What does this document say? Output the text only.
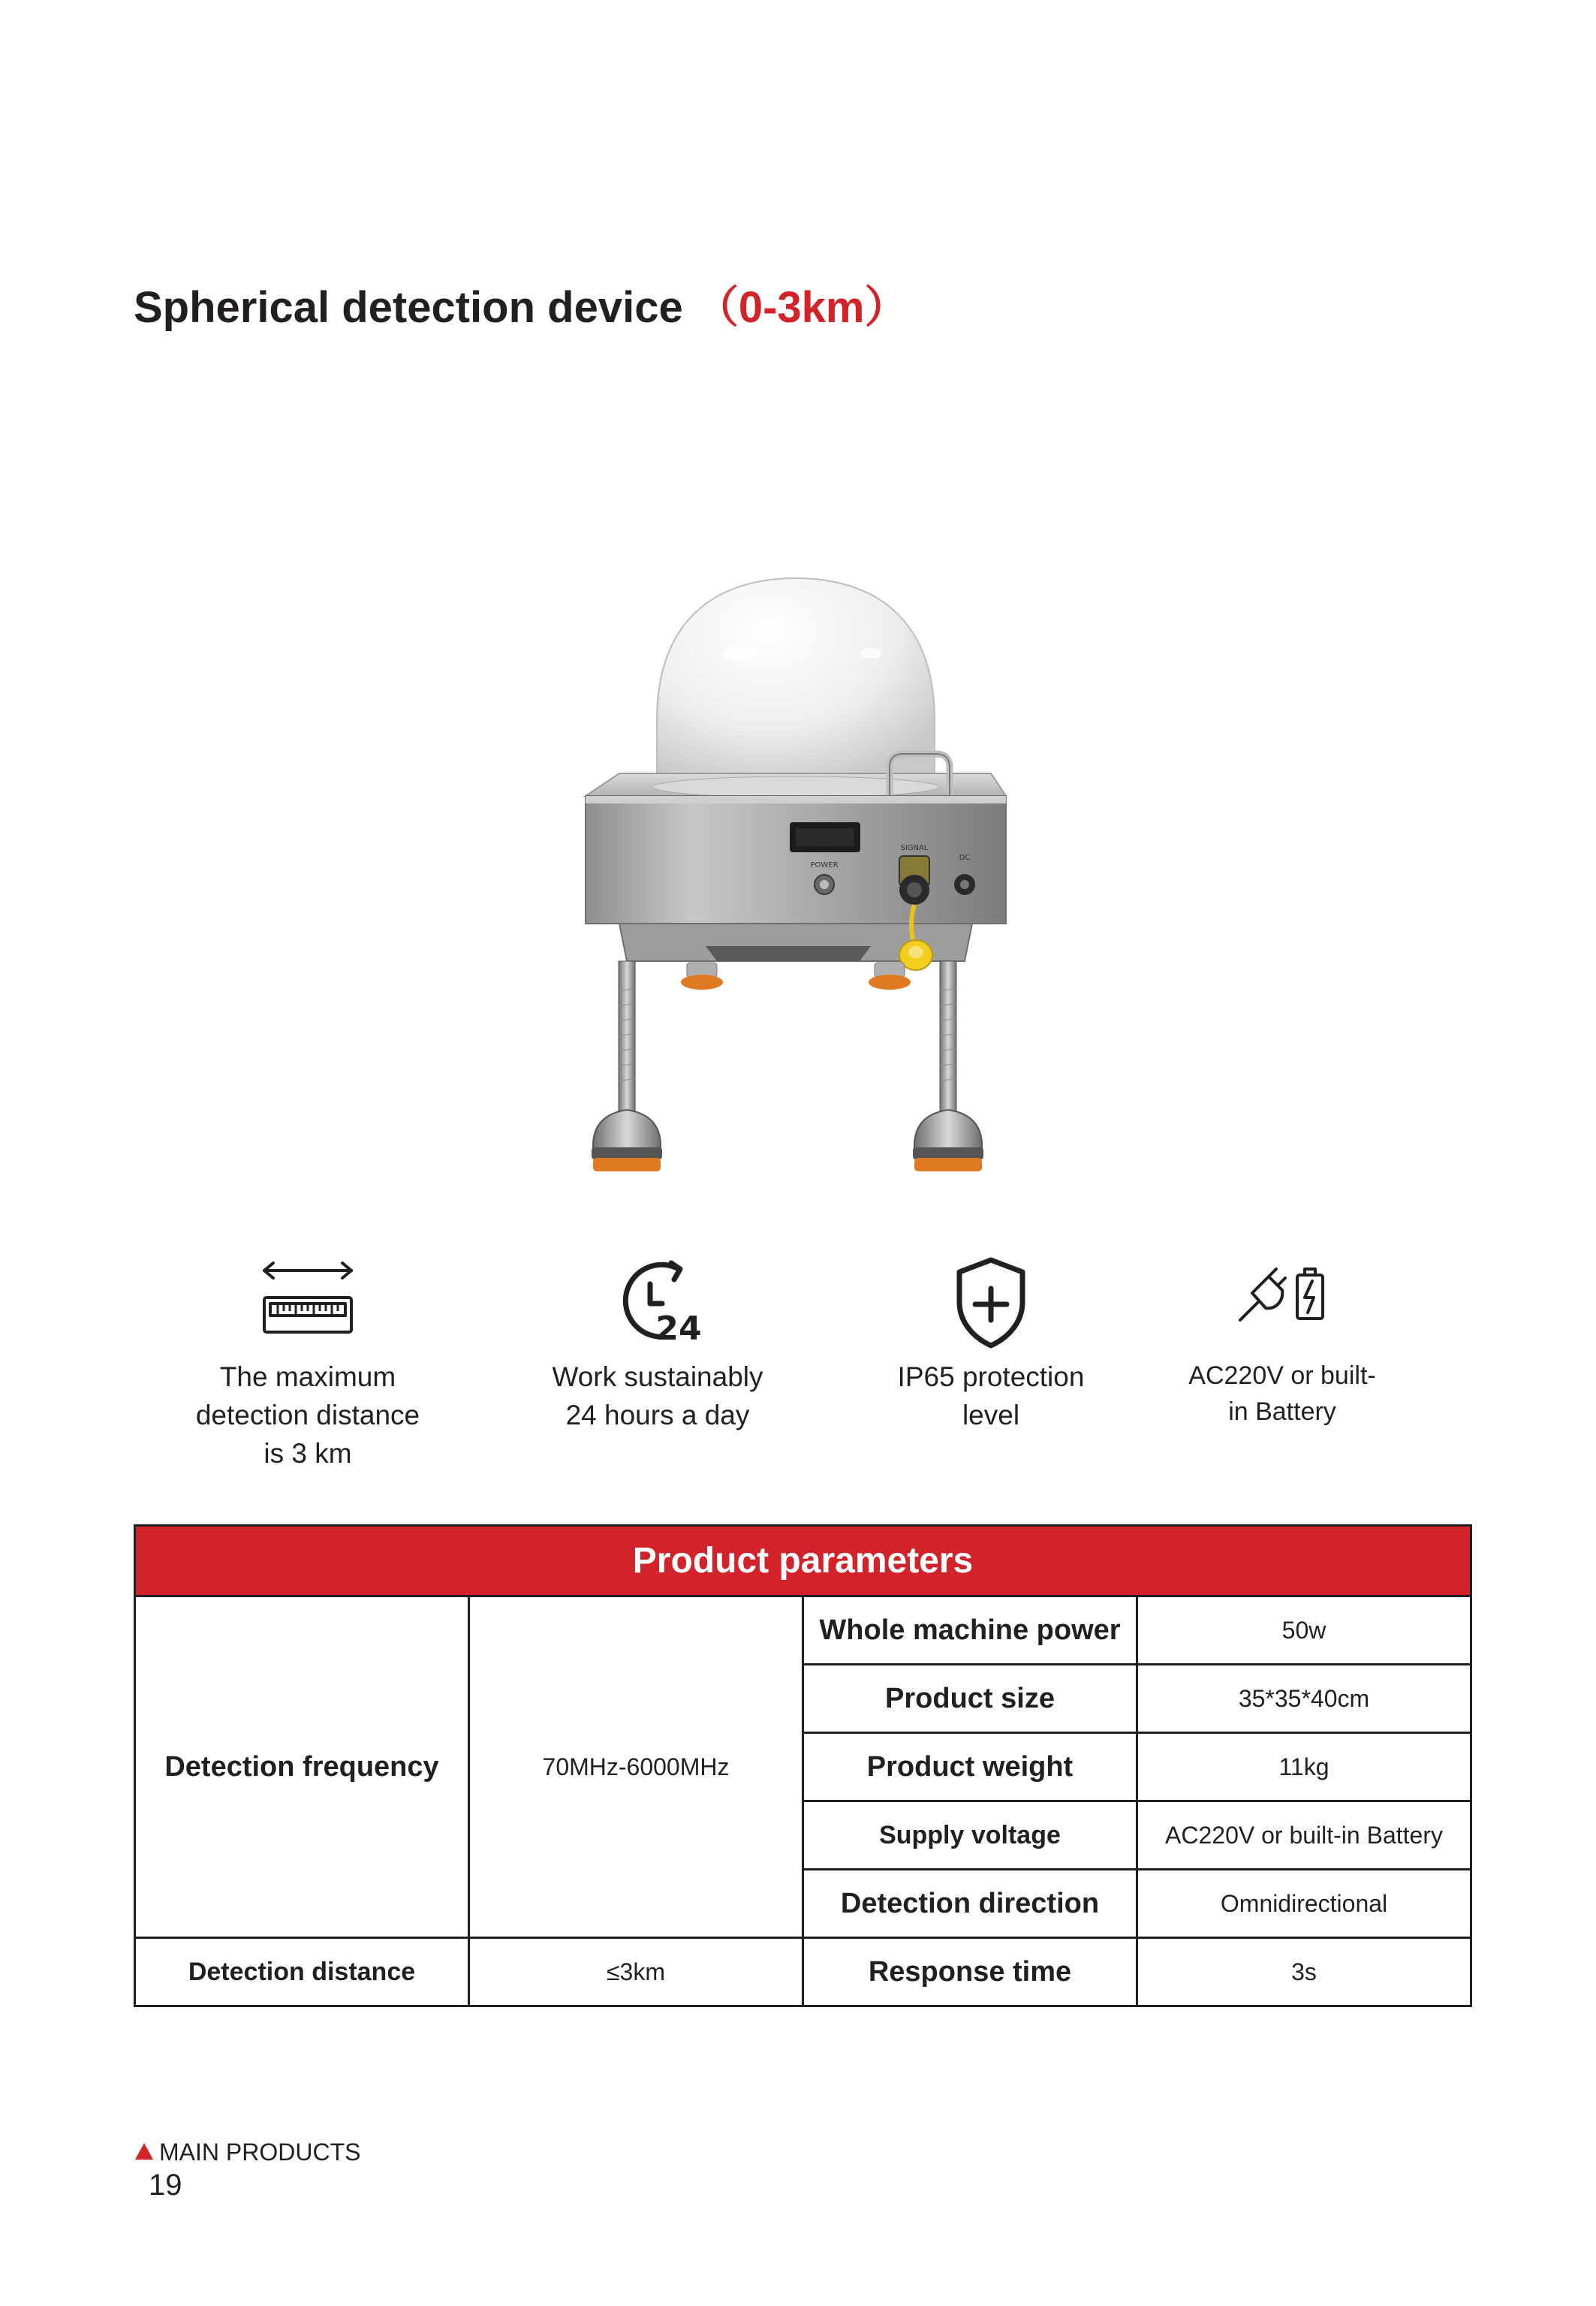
Spherical detection device （0-3km）
POWER
SIGNAL
DC
The maximum
detection distance
is 3 km
24
Work sustainably
24 hours a day
IP65 protection
level
AC220V or built-
in Battery
Product parameters			
Detection frequency	70MHz-6000MHz	Whole machine power	50w
		Product size	35*35*40cm
		Product weight	11kg
		Supply voltage	AC220V or built-in Battery
		Detection direction	Omnidirectional
Detection distance	≤3km	Response time	3s
MAIN PRODUCTS
19
